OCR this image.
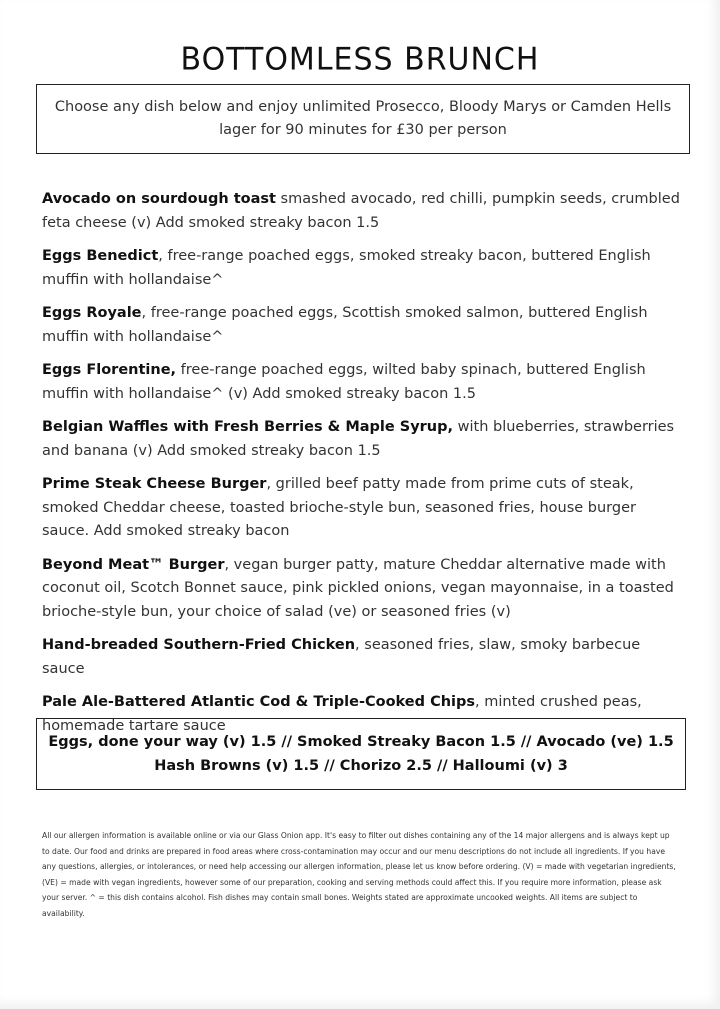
BOTTOMLESS BRUNCH
Choose any dish below and enjoy unlimited Prosecco, Bloody Marys or Camden Hells lager for 90 minutes for £30 per person

Avocado on sourdough toast smashed avocado, red chilli, pumpkin seeds, crumbled feta cheese (v) Add smoked streaky bacon 1.5

Eggs Benedict, free-range poached eggs, smoked streaky bacon, buttered English muffin with hollandaise^

Eggs Royale, free-range poached eggs, Scottish smoked salmon, buttered English muffin with hollandaise^

Eggs Florentine, free-range poached eggs, wilted baby spinach, buttered English muffin with hollandaise^ (v) Add smoked streaky bacon 1.5

Belgian Waffles with Fresh Berries & Maple Syrup, with blueberries, strawberries and banana (v) Add smoked streaky bacon 1.5

Prime Steak Cheese Burger, grilled beef patty made from prime cuts of steak, smoked Cheddar cheese, toasted brioche-style bun, seasoned fries, house burger sauce. Add smoked streaky bacon

Beyond Meat™ Burger, vegan burger patty, mature Cheddar alternative made with coconut oil, Scotch Bonnet sauce, pink pickled onions, vegan mayonnaise, in a toasted brioche-style bun, your choice of salad (ve) or seasoned fries (v)

Hand-breaded Southern-Fried Chicken, seasoned fries, slaw, smoky barbecue sauce

Pale Ale-Battered Atlantic Cod & Triple-Cooked Chips, minted crushed peas, homemade tartare sauce

Eggs, done your way (v) 1.5 // Smoked Streaky Bacon 1.5 // Avocado (ve) 1.5
Hash Browns (v) 1.5 // Chorizo 2.5 // Halloumi (v) 3
All our allergen information is available online or via our Glass Onion app. It's easy to filter out dishes containing any of the 14 major allergens and is always kept up to date. Our food and drinks are prepared in food areas where cross-contamination may occur and our menu descriptions do not include all ingredients. If you have any questions, allergies, or intolerances, or need help accessing our allergen information, please let us know before ordering. (V) = made with vegetarian ingredients, (VE) = made with vegan ingredients, however some of our preparation, cooking and serving methods could affect this. If you require more information, please ask your server. ^ = this dish contains alcohol. Fish dishes may contain small bones. Weights stated are approximate uncooked weights. All items are subject to availability.
